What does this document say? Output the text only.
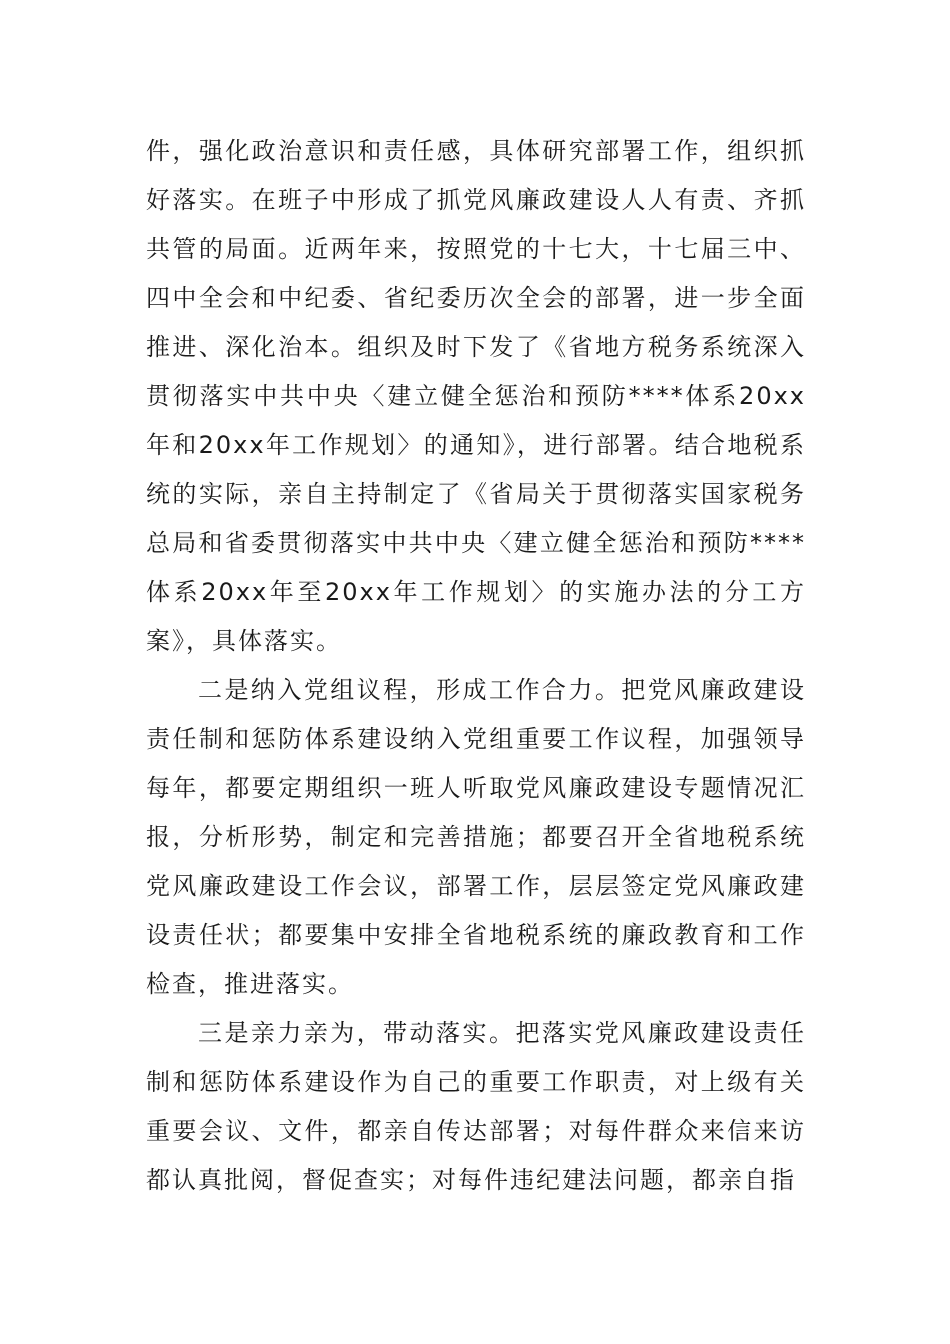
件，强化政治意识和责任感，具体研究部署工作，组织抓好落实。在班子中形成了抓党风廉政建设人人有责、齐抓共管的局面。近两年来，按照党的十七大，十七届三中、四中全会和中纪委、省纪委历次全会的部署，进一步全面推进、深化治本。组织及时下发了《省地方税务系统深入贯彻落实中共中央〈建立健全惩治和预防****体系20xx年和20xx年工作规划〉的通知》，进行部署。结合地税系统的实际，亲自主持制定了《省局关于贯彻落实国家税务总局和省委贯彻落实中共中央〈建立健全惩治和预防****体系20xx年至20xx年工作规划〉的实施办法的分工方案》，具体落实。

二是纳入党组议程，形成工作合力。把党风廉政建设责任制和惩防体系建设纳入党组重要工作议程，加强领导每年，都要定期组织一班人听取党风廉政建设专题情况汇报，分析形势，制定和完善措施；都要召开全省地税系统党风廉政建设工作会议，部署工作，层层签定党风廉政建设责任状；都要集中安排全省地税系统的廉政教育和工作检查，推进落实。

三是亲力亲为，带动落实。把落实党风廉政建设责任制和惩防体系建设作为自己的重要工作职责，对上级有关重要会议、文件，都亲自传达部署；对每件群众来信来访都认真批阅，督促查实；对每件违纪建法问题，都亲自指
